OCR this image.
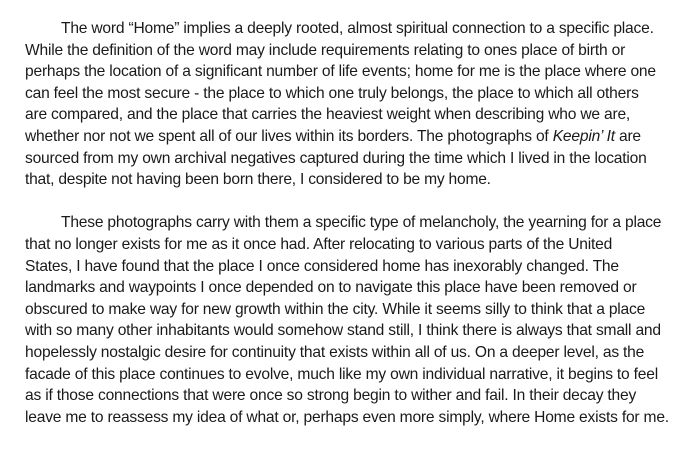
The word “Home” implies a deeply rooted, almost spiritual connection to a specific place.
While the definition of the word may include requirements relating to ones place of birth or
perhaps the location of a significant number of life events; home for me is the place where one
can feel the most secure - the place to which one truly belongs, the place to which all others
are compared, and the place that carries the heaviest weight when describing who we are,
whether nor not we spent all of our lives within its borders. The photographs of Keepin’ It are
sourced from my own archival negatives captured during the time which I lived in the location
that, despite not having been born there, I considered to be my home.

These photographs carry with them a specific type of melancholy, the yearning for a place
that no longer exists for me as it once had. After relocating to various parts of the United
States, I have found that the place I once considered home has inexorably changed. The
landmarks and waypoints I once depended on to navigate this place have been removed or
obscured to make way for new growth within the city. While it seems silly to think that a place
with so many other inhabitants would somehow stand still, I think there is always that small and
hopelessly nostalgic desire for continuity that exists within all of us. On a deeper level, as the
facade of this place continues to evolve, much like my own individual narrative, it begins to feel
as if those connections that were once so strong begin to wither and fail. In their decay they
leave me to reassess my idea of what or, perhaps even more simply, where Home exists for me.
